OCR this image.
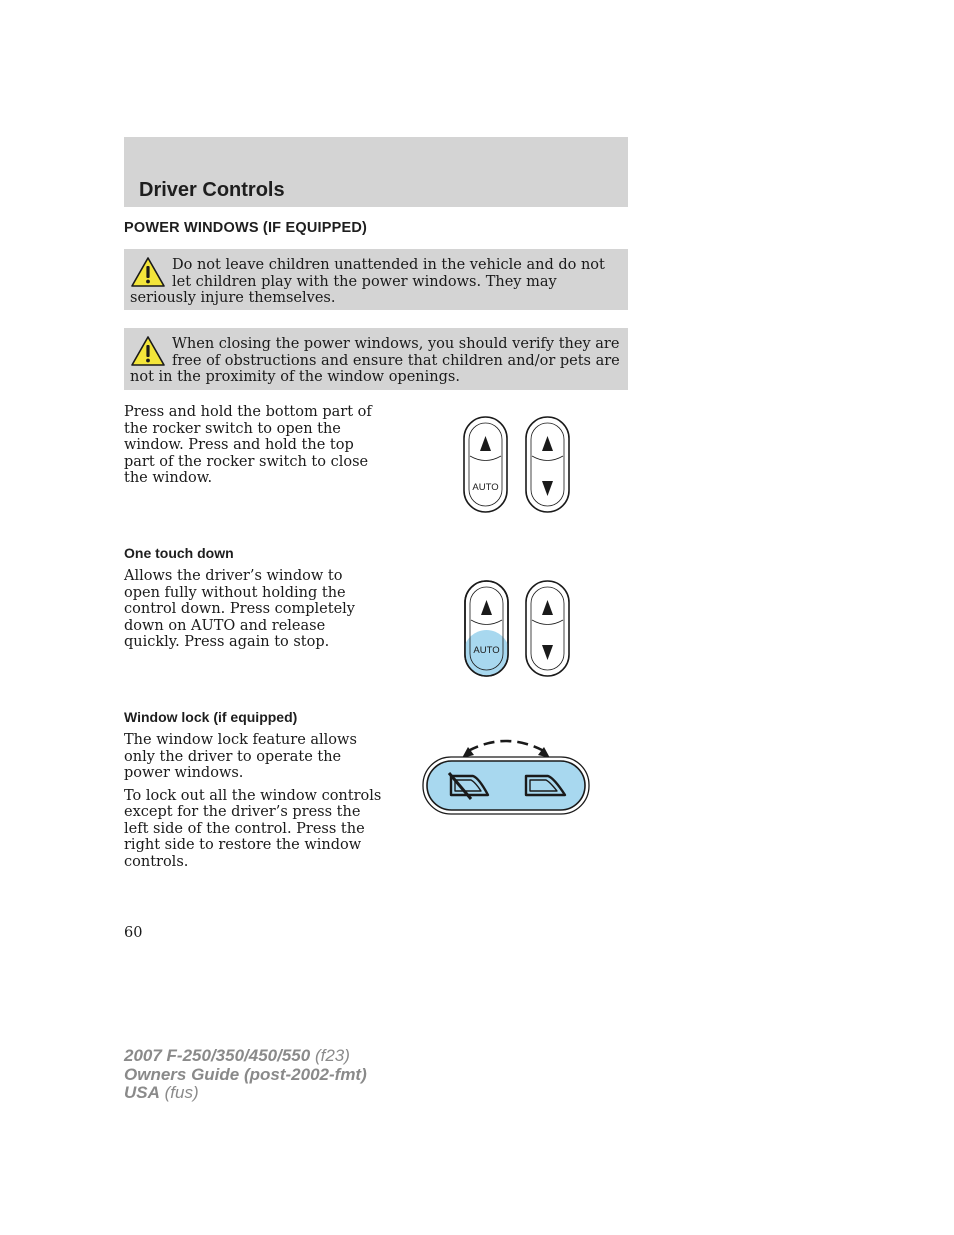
Driver Controls
POWER WINDOWS (IF EQUIPPED)
Do not leave children unattended in the vehicle and do not let children play with the power windows. They may seriously injure themselves.
When closing the power windows, you should verify they are free of obstructions and ensure that children and/or pets are not in the proximity of the window openings.

Press and hold the bottom part of the rocker switch to open the window. Press and hold the top part of the rocker switch to close the window.

AUTO
One touch down

Allows the driver’s window to open fully without holding the control down. Press completely down on AUTO and release quickly. Press again to stop.

AUTO
Window lock (if equipped)

The window lock feature allows only the driver to operate the power windows.

To lock out all the window controls except for the driver’s press the left side of the control. Press the right side to restore the window controls.

60
2007 F-250/350/450/550 (f23)
Owners Guide (post-2002-fmt)
USA (fus)
